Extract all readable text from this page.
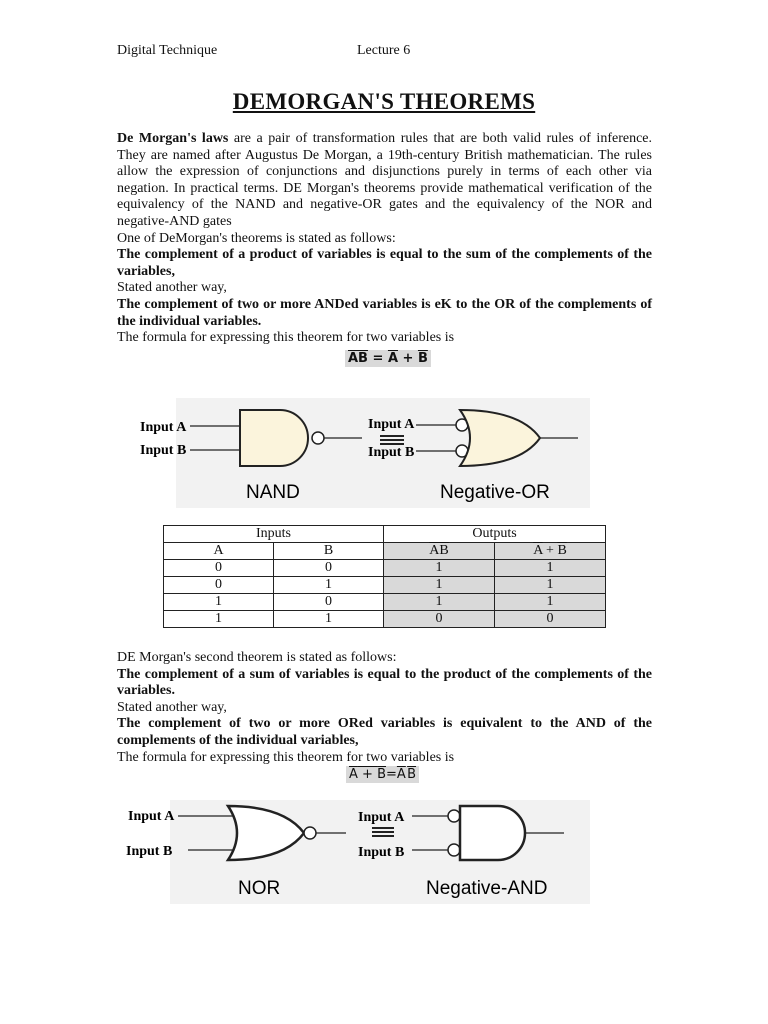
Digital Technique	Lecture 6
DEMORGAN'S THEOREMS

De Morgan's laws are a pair of transformation rules that are both valid rules of inference. They are named after Augustus De Morgan, a 19th-century British mathematician. The rules allow the expression of conjunctions and disjunctions purely in terms of each other via negation. In practical terms. DE Morgan's theorems provide mathematical verification of the equivalency of the NAND and negative-OR gates and the equivalency of the NOR and negative-AND gates

One of DeMorgan's theorems is stated as follows:

The complement of a product of variables is equal to the sum of the complements of the variables,

Stated another way,

The complement of two or more ANDed variables is eK to the OR of the complements of the individual variables.

The formula for expressing this theorem for two variables is

$\overline{AB} = \overline{A} + \overline{B}$
Input A
Input B
NAND
Input A
Input B
Negative-OR
Inputs		Outputs	
A	B	$\overline{AB}$	$\overline{A} + \overline{B}$
0	0	1	1
0	1	1	1
1	0	1	1
1	1	0	0

DE Morgan's second theorem is stated as follows:

The complement of a sum of variables is equal to the product of the complements of the variables.

Stated another way,

The complement of two or more ORed variables is equivalent to the AND of the complements of the individual variables,

The formula for expressing this theorem for two variables is

$A + B=\overline{A}$ $\overline{B}$
Input A
Input B
NOR
Input A
Input B
Negative-AND
